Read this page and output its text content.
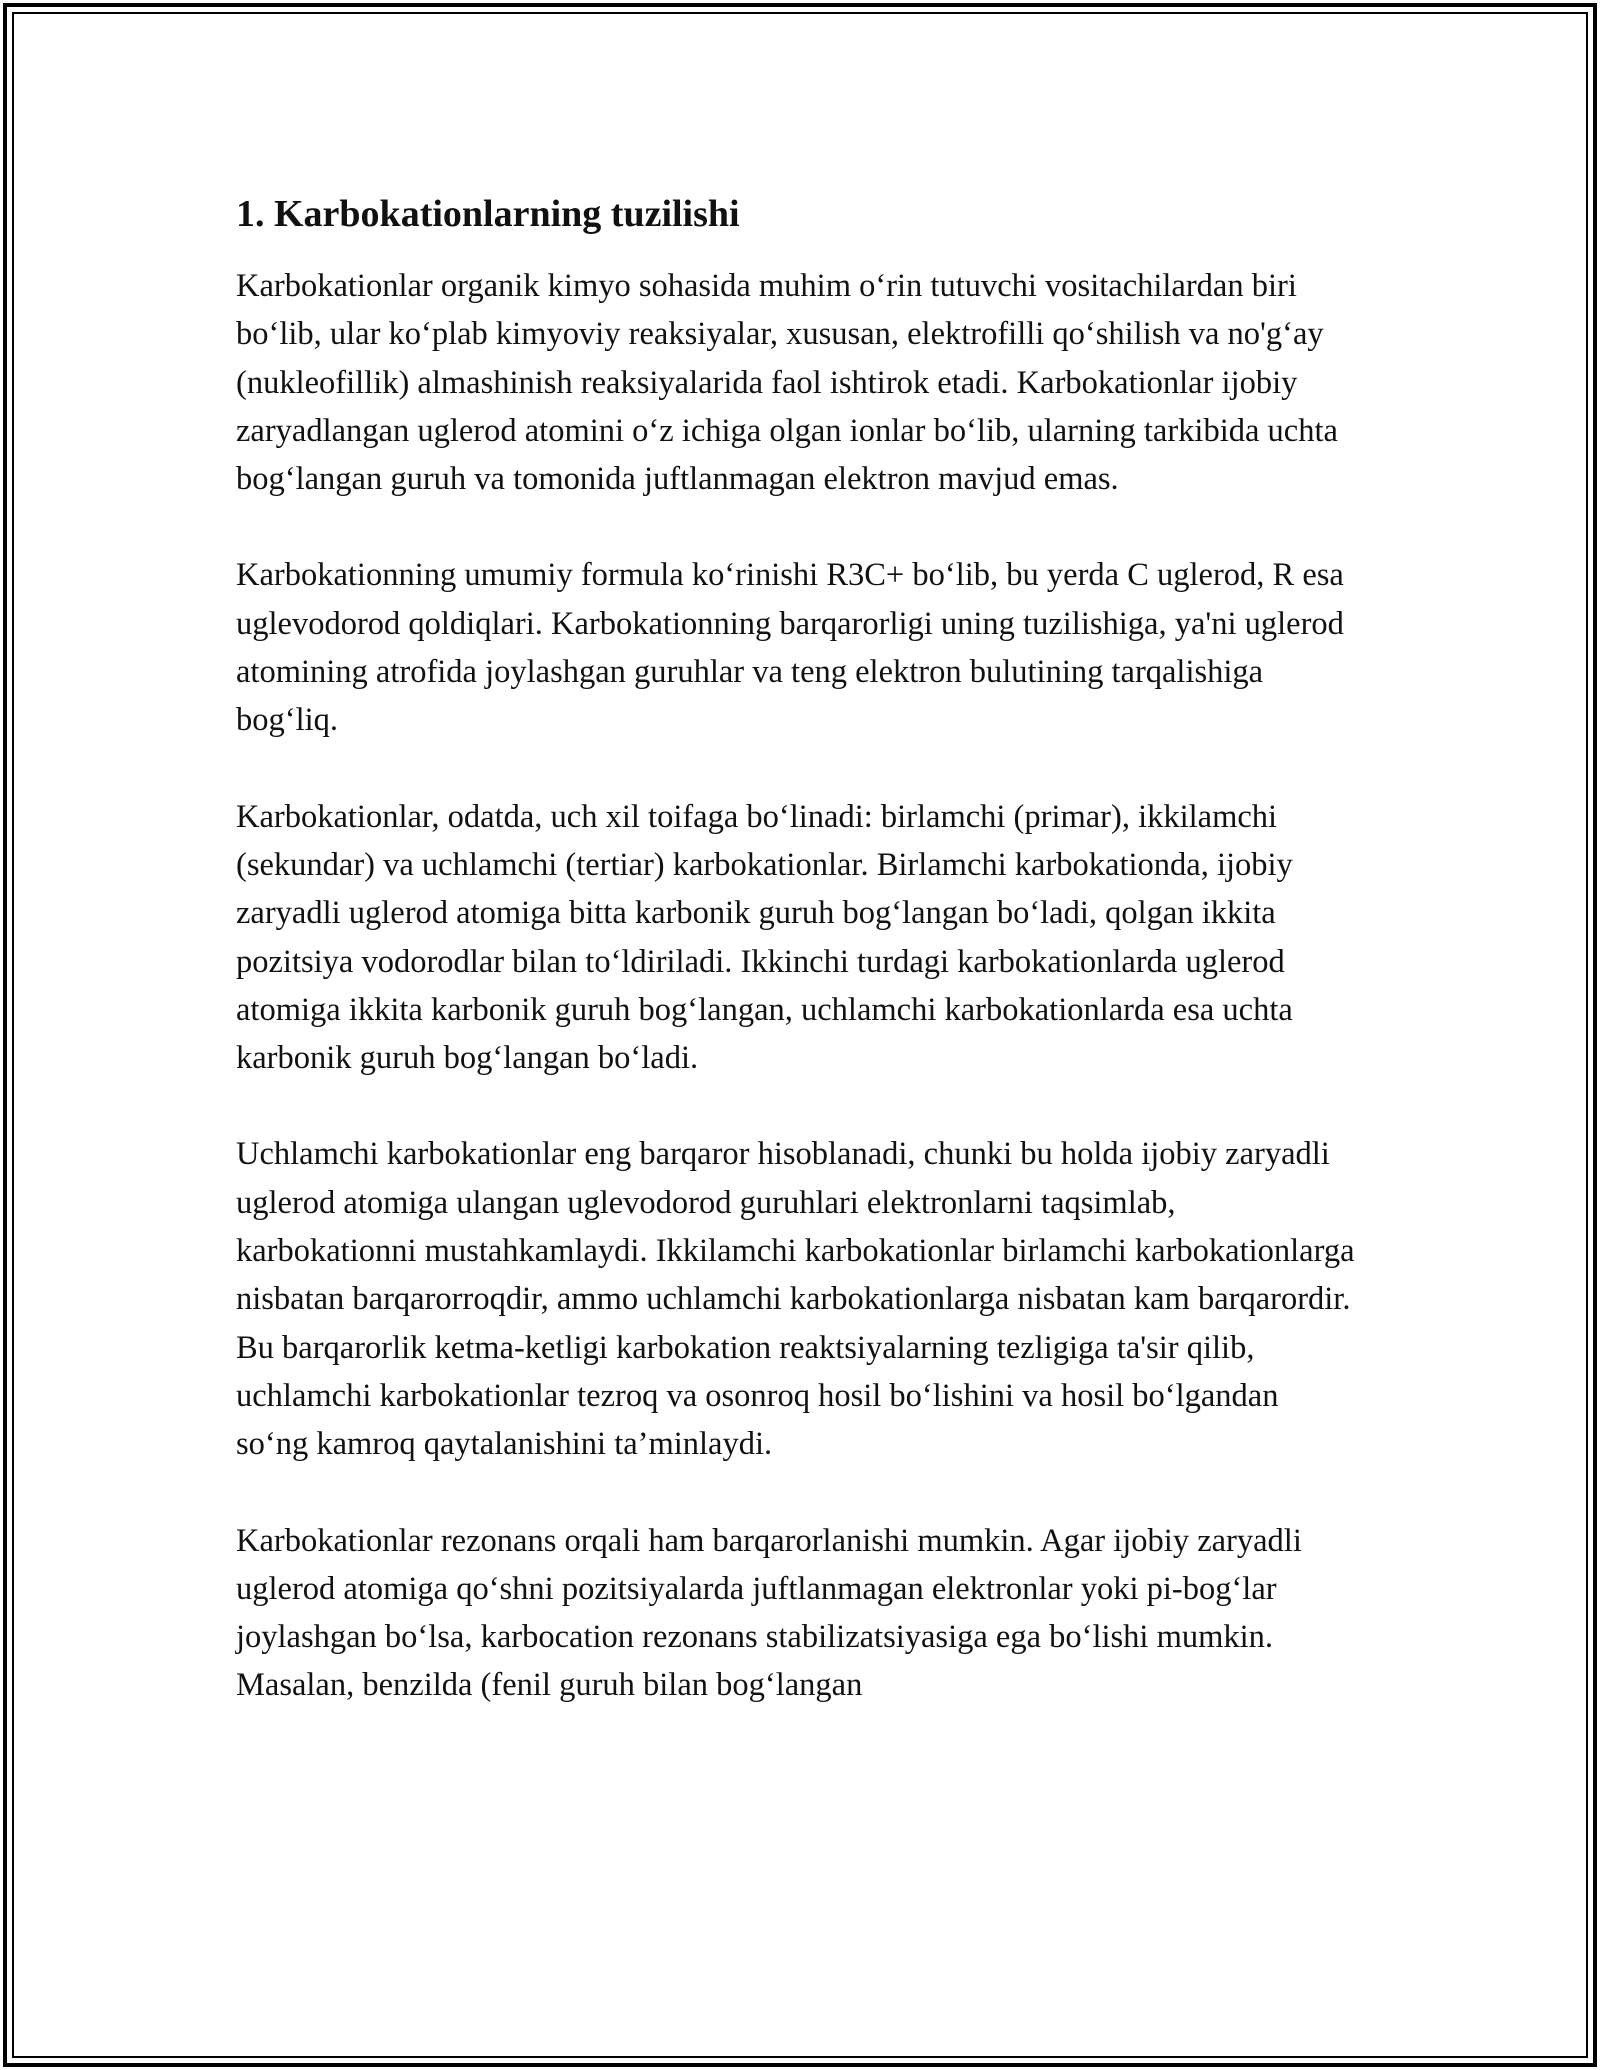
1. Karbokationlarning tuzilishi
Karbokationlar organik kimyo sohasida muhim o‘rin tutuvchi vositachilardan biri bo‘lib, ular ko‘plab kimyoviy reaksiyalar, xususan, elektrofilli qo‘shilish va no'g‘ay (nukleofillik) almashinish reaksiyalarida faol ishtirok etadi. Karbokationlar ijobiy zaryadlangan uglerod atomini o‘z ichiga olgan ionlar bo‘lib, ularning tarkibida uchta bog‘langan guruh va tomonida juftlanmagan elektron mavjud emas.
Karbokationning umumiy formula ko‘rinishi R3C+ bo‘lib, bu yerda C uglerod, R esa uglevodorod qoldiqlari. Karbokationning barqarorligi uning tuzilishiga, ya'ni uglerod atomining atrofida joylashgan guruhlar va teng elektron bulutining tarqalishiga bog‘liq.
Karbokationlar, odatda, uch xil toifaga bo‘linadi: birlamchi (primar), ikkilamchi (sekundar) va uchlamchi (tertiar) karbokationlar. Birlamchi karbokationda, ijobiy zaryadli uglerod atomiga bitta karbonik guruh bog‘langan bo‘ladi, qolgan ikkita pozitsiya vodorodlar bilan to‘ldiriladi. Ikkinchi turdagi karbokationlarda uglerod atomiga ikkita karbonik guruh bog‘langan, uchlamchi karbokationlarda esa uchta karbonik guruh bog‘langan bo‘ladi.
Uchlamchi karbokationlar eng barqaror hisoblanadi, chunki bu holda ijobiy zaryadli uglerod atomiga ulangan uglevodorod guruhlari elektronlarni taqsimlab, karbokationni mustahkamlaydi. Ikkilamchi karbokationlar birlamchi karbokationlarga nisbatan barqarorroqdir, ammo uchlamchi karbokationlarga nisbatan kam barqarordir. Bu barqarorlik ketma-ketligi karbokation reaktsiyalarning tezligiga ta'sir qilib, uchlamchi karbokationlar tezroq va osonroq hosil bo‘lishini va hosil bo‘lgandan so‘ng kamroq qaytalanishini ta’minlaydi.
Karbokationlar rezonans orqali ham barqarorlanishi mumkin. Agar ijobiy zaryadli uglerod atomiga qo‘shni pozitsiyalarda juftlanmagan elektronlar yoki pi-bog‘lar joylashgan bo‘lsa, karbocation rezonans stabilizatsiyasiga ega bo‘lishi mumkin. Masalan, benzilda (fenil guruh bilan bog‘langan
